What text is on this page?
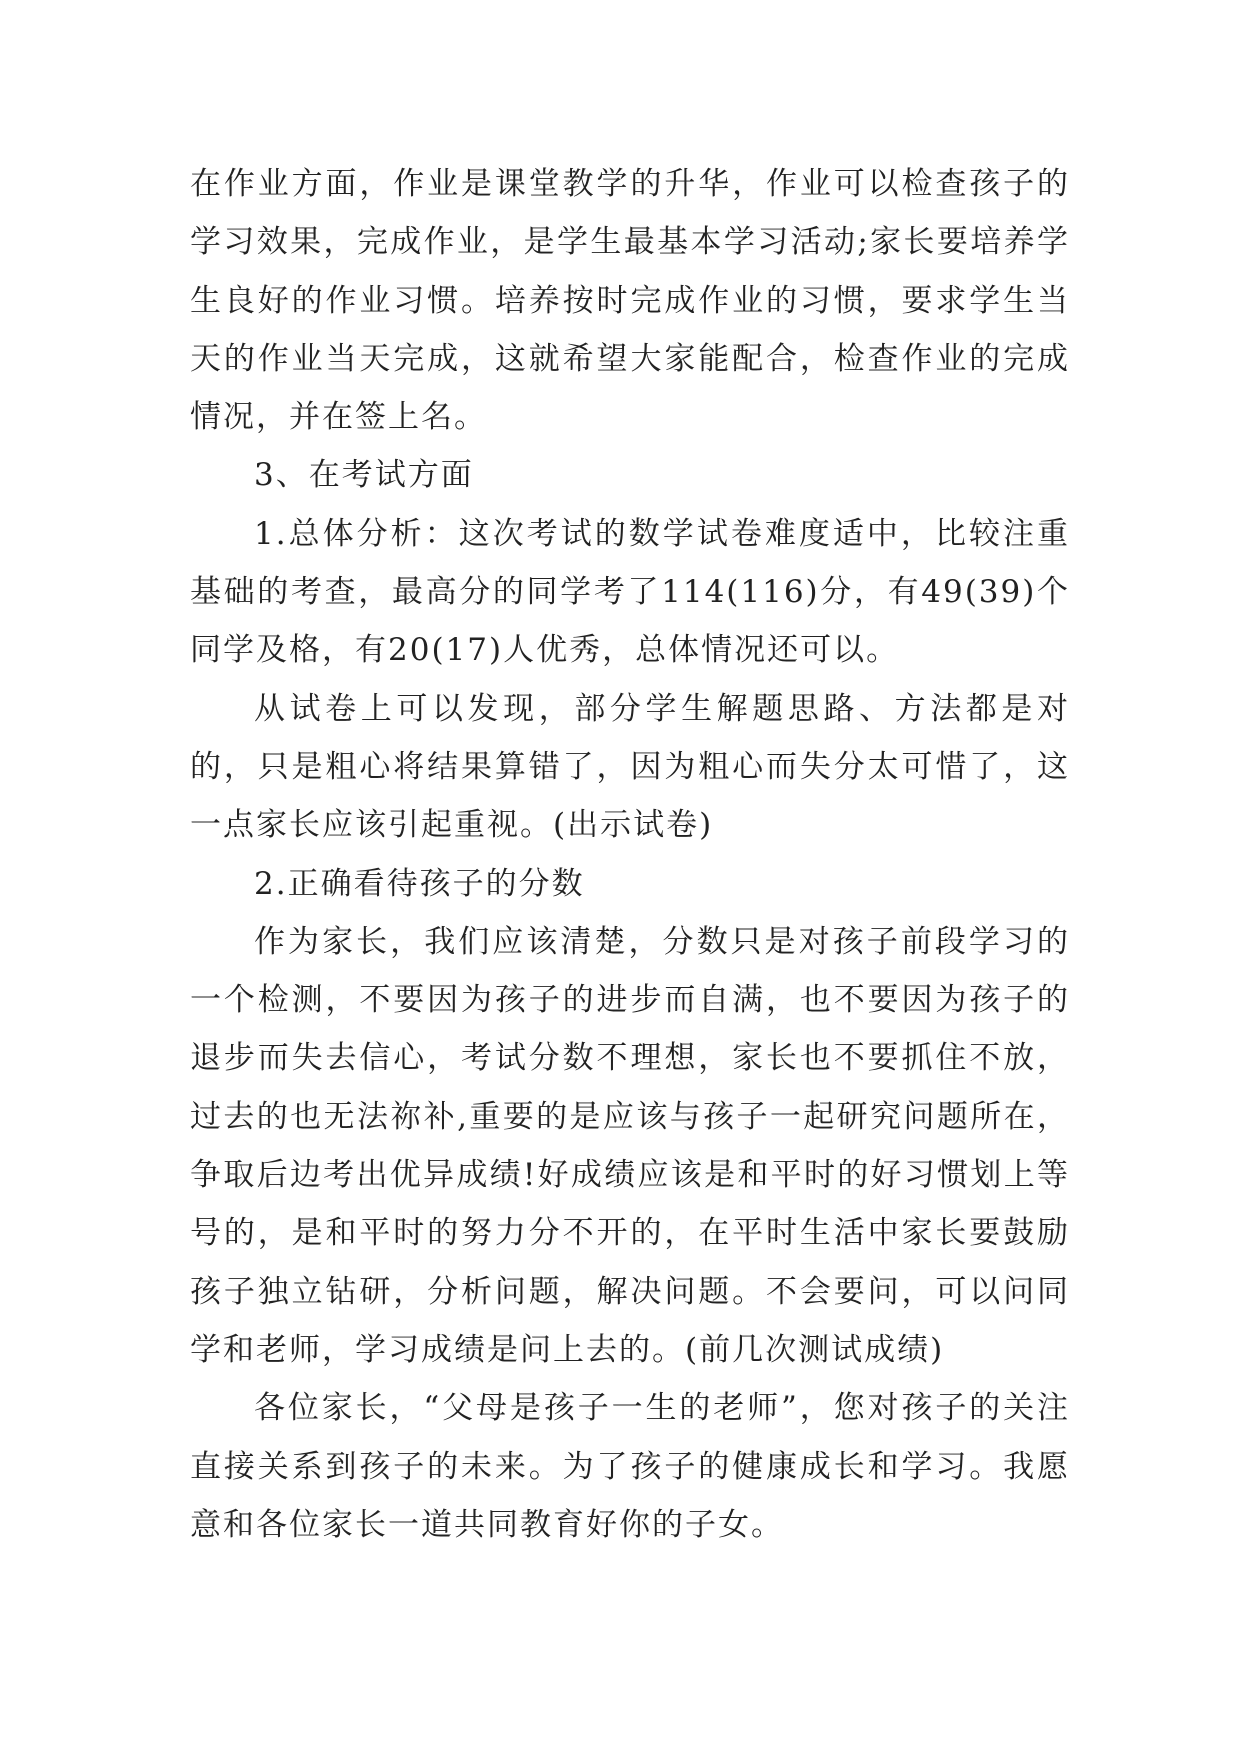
在作业方面，作业是课堂教学的升华，作业可以检查孩子的学习效果，完成作业，是学生最基本学习活动;家长要培养学生良好的作业习惯。培养按时完成作业的习惯，要求学生当天的作业当天完成，这就希望大家能配合，检查作业的完成情况，并在签上名。

3、在考试方面

1.总体分析：这次考试的数学试卷难度适中，比较注重基础的考查，最高分的同学考了114(116)分，有49(39)个同学及格，有20(17)人优秀，总体情况还可以。

从试卷上可以发现，部分学生解题思路、方法都是对的，只是粗心将结果算错了，因为粗心而失分太可惜了，这一点家长应该引起重视。(出示试卷)

2.正确看待孩子的分数

作为家长，我们应该清楚，分数只是对孩子前段学习的一个检测，不要因为孩子的进步而自满，也不要因为孩子的退步而失去信心，考试分数不理想，家长也不要抓住不放，过去的也无法祢补,重要的是应该与孩子一起研究问题所在，争取后边考出优异成绩!好成绩应该是和平时的好习惯划上等号的，是和平时的努力分不开的，在平时生活中家长要鼓励孩子独立钻研，分析问题，解决问题。不会要问，可以问同学和老师，学习成绩是问上去的。(前几次测试成绩)

各位家长，“父母是孩子一生的老师”，您对孩子的关注直接关系到孩子的未来。为了孩子的健康成长和学习。我愿意和各位家长一道共同教育好你的子女。
